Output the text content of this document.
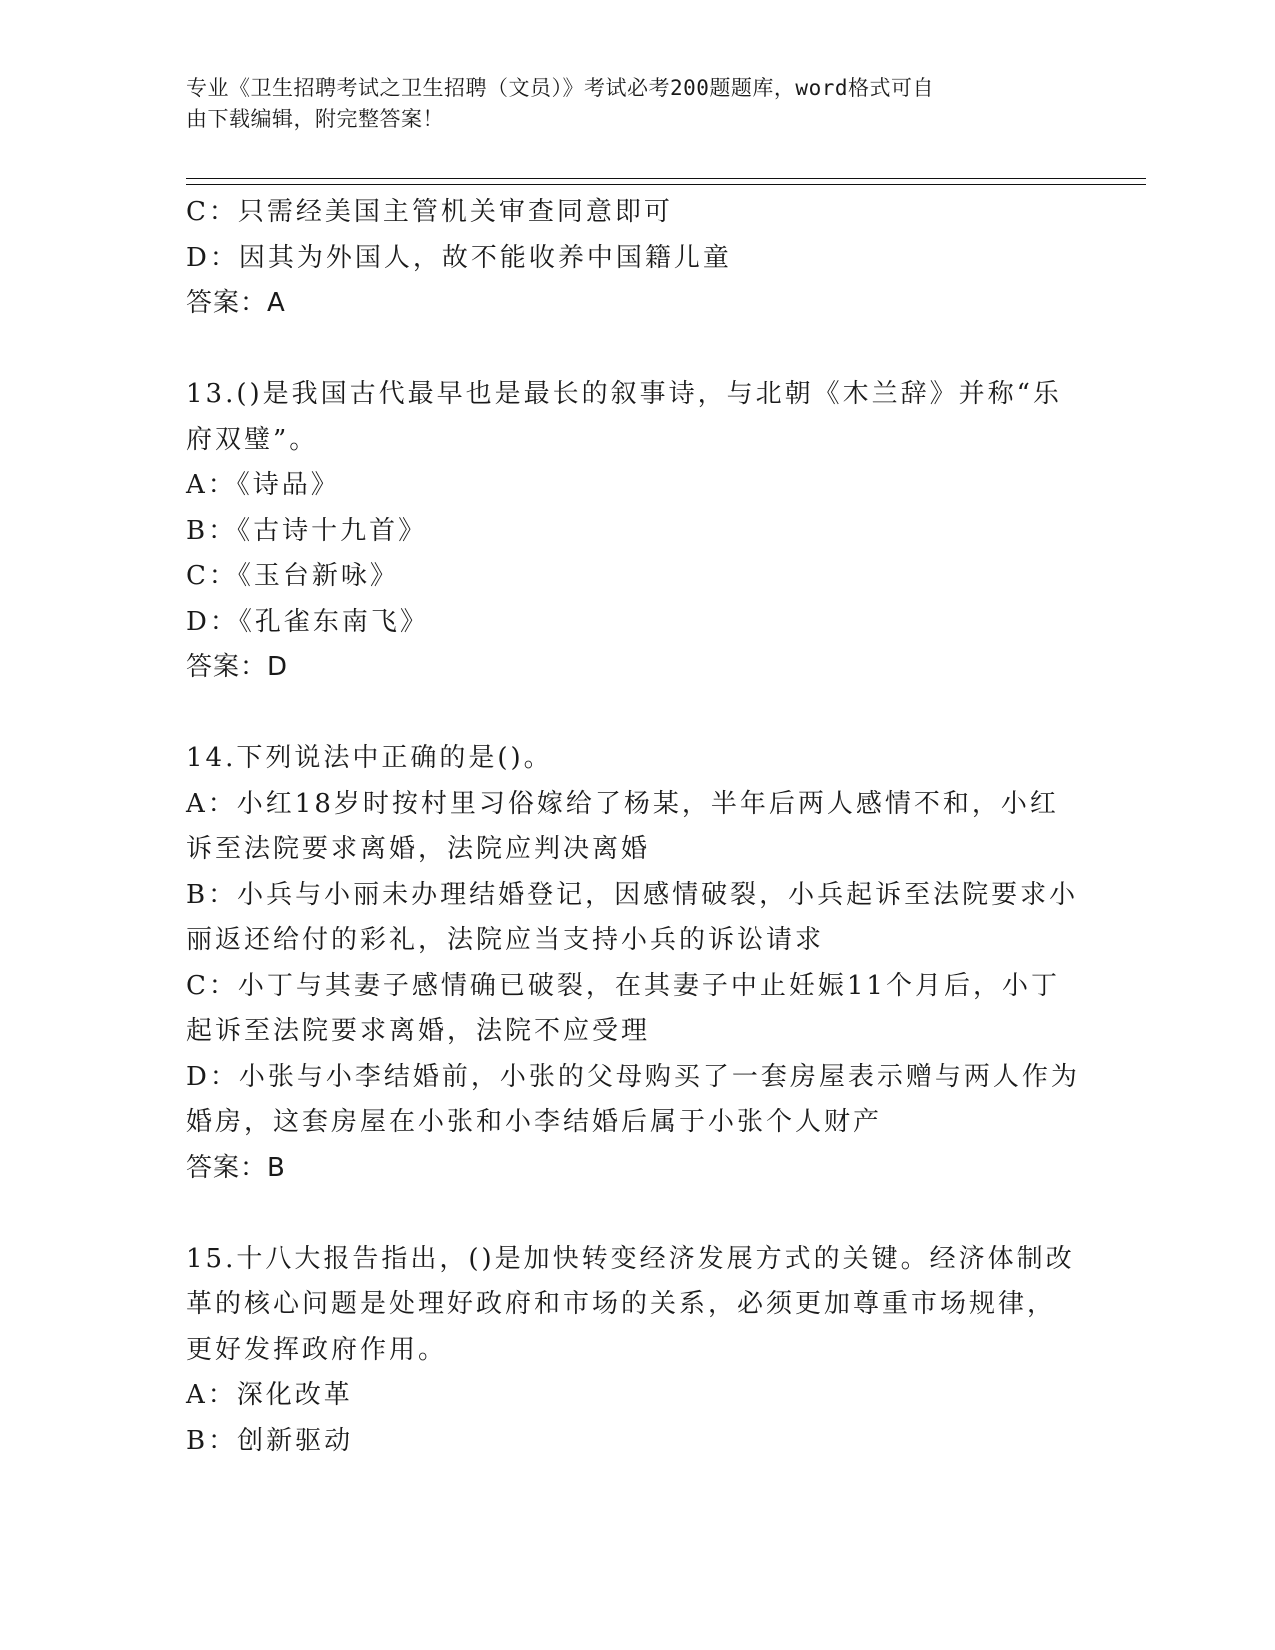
专业《卫生招聘考试之卫生招聘（文员）》考试必考200题题库，word格式可自
由下载编辑，附完整答案！
C：只需经美国主管机关审查同意即可
D：因其为外国人，故不能收养中国籍儿童
答案：A
13.()是我国古代最早也是最长的叙事诗，与北朝《木兰辞》并称“乐
府双璧”。
A：《诗品》
B：《古诗十九首》
C：《玉台新咏》
D：《孔雀东南飞》
答案：D
14.下列说法中正确的是()。
A：小红18岁时按村里习俗嫁给了杨某，半年后两人感情不和，小红
诉至法院要求离婚，法院应判决离婚
B：小兵与小丽未办理结婚登记，因感情破裂，小兵起诉至法院要求小
丽返还给付的彩礼，法院应当支持小兵的诉讼请求
C：小丁与其妻子感情确已破裂，在其妻子中止妊娠11个月后，小丁
起诉至法院要求离婚，法院不应受理
D：小张与小李结婚前，小张的父母购买了一套房屋表示赠与两人作为
婚房，这套房屋在小张和小李结婚后属于小张个人财产
答案：B
15.十八大报告指出，()是加快转变经济发展方式的关键。经济体制改
革的核心问题是处理好政府和市场的关系，必须更加尊重市场规律，
更好发挥政府作用。
A：深化改革
B：创新驱动
